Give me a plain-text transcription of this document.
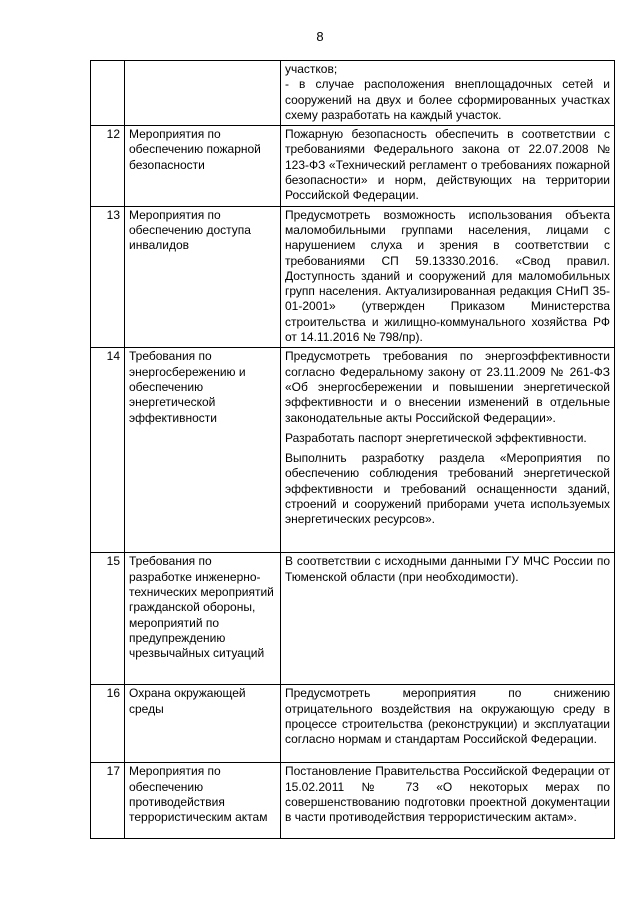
8

		участков;

- в случае расположения внеплощадочных сетей и сооружений на двух и более сформированных участках схему разработать на каждый участок.

12	Мероприятия по обеспечению пожарной безопасности	Пожарную безопасность обеспечить в соответствии с требованиями Федерального закона от 22.07.2008 № 123-ФЗ «Технический регламент о требованиях пожарной безопасности» и норм, действующих на территории Российской Федерации.

13	Мероприятия по обеспечению доступа инвалидов	Предусмотреть возможность использования объекта маломобильными группами населения, лицами с нарушением слуха и зрения в соответствии с требованиями СП 59.13330.2016. «Свод правил. Доступность зданий и сооружений для маломобильных групп населения. Актуализированная редакция СНиП 35-01-2001» (утвержден Приказом Министерства строительства и жилищно-коммунального хозяйства РФ от 14.11.2016 № 798/пр).

14	Требования по энергосбережению и обеспечению энергетической эффективности	Предусмотреть требования по энергоэффективности согласно Федеральному закону от 23.11.2009 № 261-ФЗ «Об энергосбережении и повышении энергетической эффективности и о внесении изменений в отдельные законодательные акты Российской Федерации».

Разработать паспорт энергетической эффективности.

Выполнить разработку раздела «Мероприятия по обеспечению соблюдения требований энергетической эффективности и требований оснащенности зданий, строений и сооружений приборами учета используемых энергетических ресурсов».

15	Требования по разработке инженерно-технических мероприятий гражданской обороны, мероприятий по предупреждению чрезвычайных ситуаций	В соответствии с исходными данными ГУ МЧС России по Тюменской области (при необходимости).

16	Охрана окружающей среды	Предусмотреть мероприятия по снижению отрицательного воздействия на окружающую среду в процессе строительства (реконструкции) и эксплуатации согласно нормам и стандартам Российской Федерации.

17	Мероприятия по обеспечению противодействия террористическим актам	Постановление Правительства Российской Федерации от 15.02.2011 № 73 «О некоторых мерах по совершенствованию подготовки проектной документации в части противодействия террористическим актам».
